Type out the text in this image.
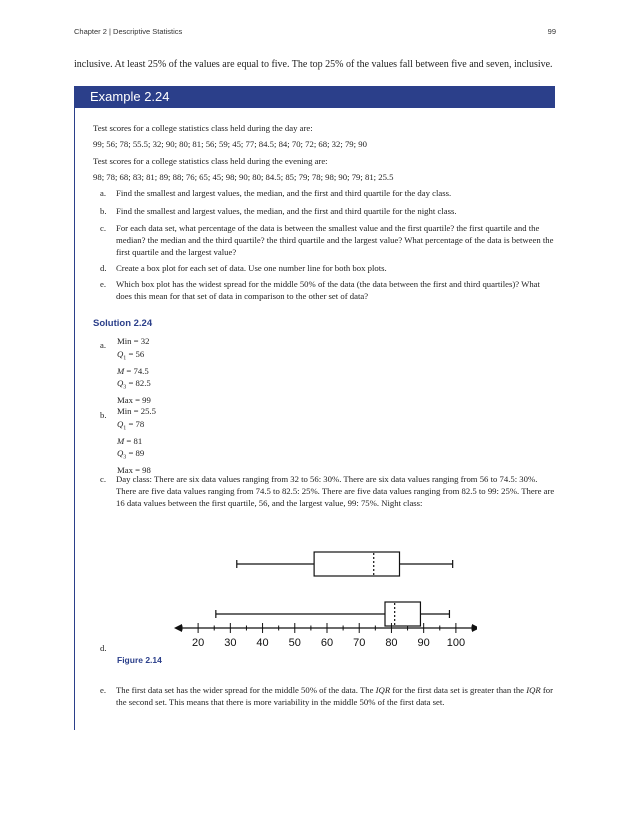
Chapter 2 | Descriptive Statistics	99
inclusive. At least 25% of the values are equal to five. The top 25% of the values fall between five and seven, inclusive.
Example 2.24
Test scores for a college statistics class held during the day are:
99; 56; 78; 55.5; 32; 90; 80; 81; 56; 59; 45; 77; 84.5; 84; 70; 72; 68; 32; 79; 90
Test scores for a college statistics class held during the evening are:
98; 78; 68; 83; 81; 89; 88; 76; 65; 45; 98; 90; 80; 84.5; 85; 79; 78; 98; 90; 79; 81; 25.5
a.	Find the smallest and largest values, the median, and the first and third quartile for the day class.
b.	Find the smallest and largest values, the median, and the first and third quartile for the night class.
c.	For each data set, what percentage of the data is between the smallest value and the first quartile? the first quartile and the median? the median and the third quartile? the third quartile and the largest value? What percentage of the data is between the first quartile and the largest value?
d.	Create a box plot for each set of data. Use one number line for both box plots.
e.	Which box plot has the widest spread for the middle 50% of the data (the data between the first and third quartiles)? What does this mean for that set of data in comparison to the other set of data?
Solution 2.24
a. Min = 32
$Q_1 = 56$
M = 74.5
$Q_3 = 82.5$
Max = 99
b. Min = 25.5
$Q_1 = 78$
M = 81
$Q_3 = 89$
Max = 98
c.	Day class: There are six data values ranging from 32 to 56: 30%. There are six data values ranging from 56 to 74.5: 30%. There are five data values ranging from 74.5 to 82.5: 25%. There are five data values ranging from 82.5 to 99: 25%. There are 16 data values between the first quartile, 56, and the largest value, 99: 75%. Night class:
20 30 40 50 60 70 80 90 100
d.
Figure 2.14
e.	The first data set has the wider spread for the middle 50% of the data. The IQR for the first data set is greater than the IQR for the second set. This means that there is more variability in the middle 50% of the first data set.
